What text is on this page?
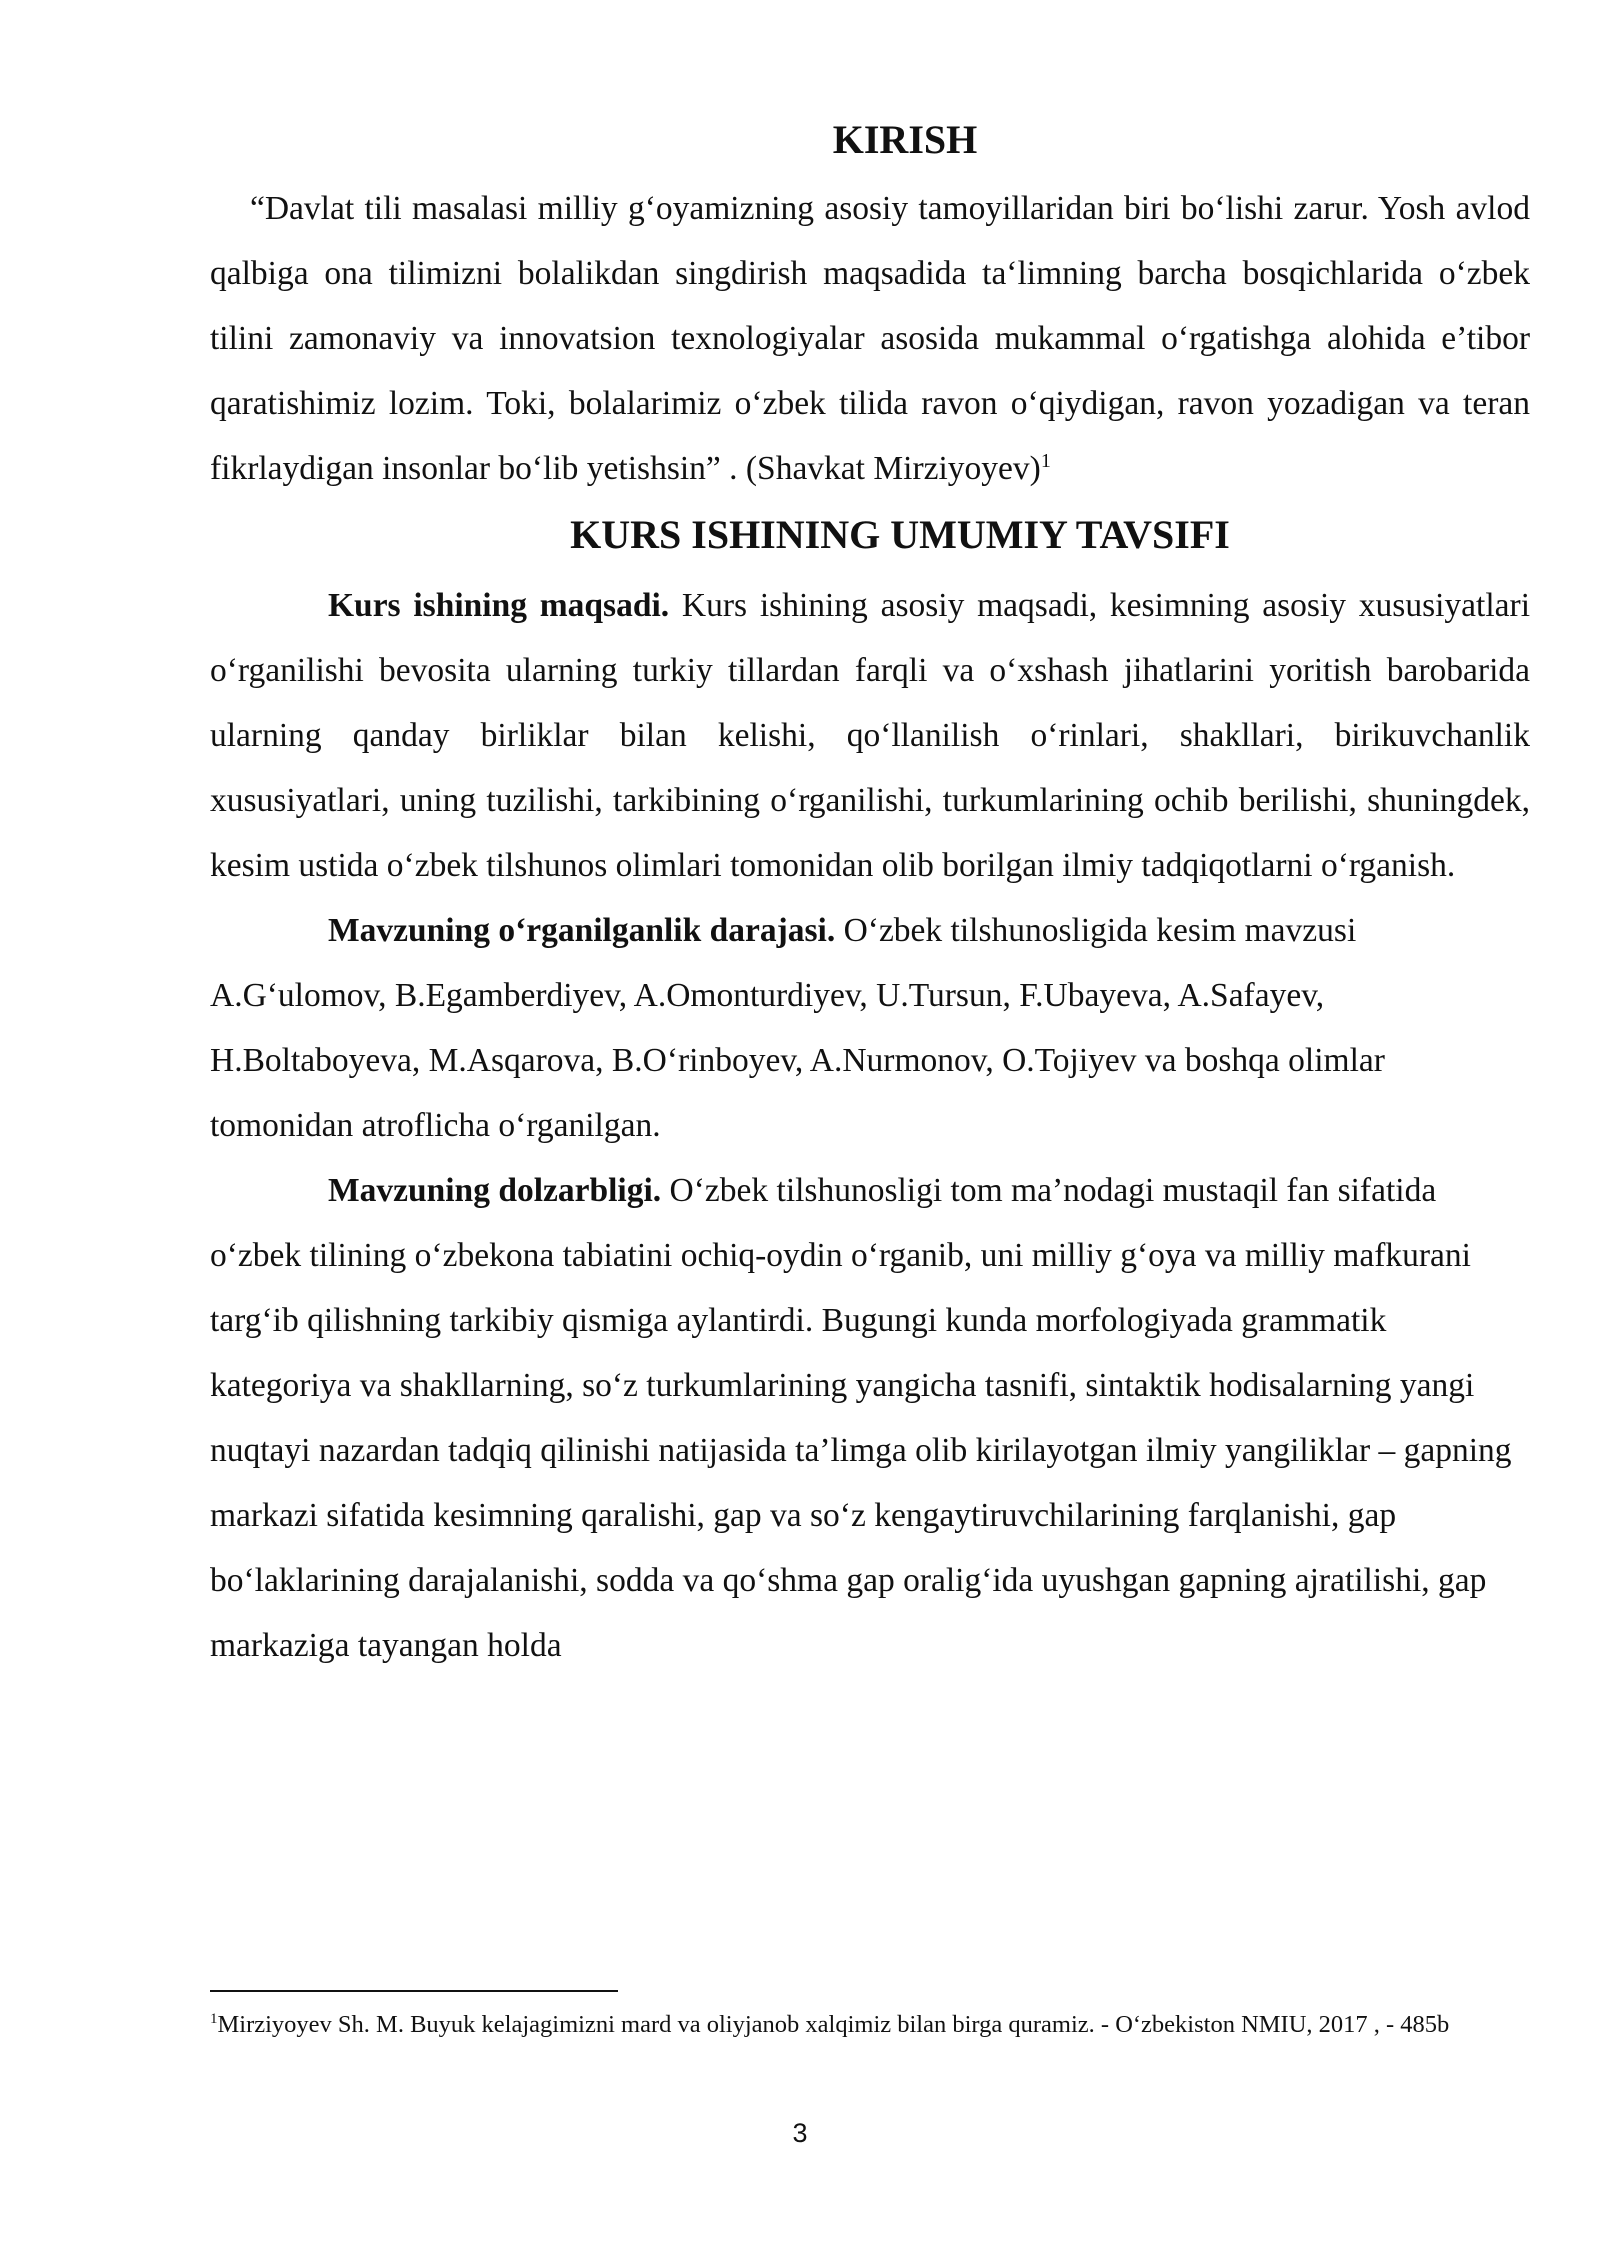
KIRISH

“Davlat tili masalasi milliy g‘oyamizning asosiy tamoyillaridan biri bo‘lishi zarur. Yosh avlod qalbiga ona tilimizni bolalikdan singdirish maqsadida ta‘limning barcha bosqichlarida o‘zbek tilini zamonaviy va innovatsion texnologiyalar asosida mukammal o‘rgatishga alohida e’tibor qaratishimiz lozim. Toki, bolalarimiz o‘zbek tilida ravon o‘qiydigan, ravon yozadigan va teran fikrlaydigan insonlar bo‘lib yetishsin” . (Shavkat Mirziyoyev)$^1$

KURS ISHINING UMUMIY TAVSIFI

Kurs ishining maqsadi. Kurs ishining asosiy maqsadi, kesimning asosiy xususiyatlari o‘rganilishi bevosita ularning turkiy tillardan farqli va o‘xshash jihatlarini yoritish barobarida ularning qanday birliklar bilan kelishi, qo‘llanilish o‘rinlari, shakllari, birikuvchanlik xususiyatlari, uning tuzilishi, tarkibining o‘rganilishi, turkumlarining ochib berilishi, shuningdek, kesim ustida o‘zbek tilshunos olimlari tomonidan olib borilgan ilmiy tadqiqotlarni o‘rganish.

Mavzuning o‘rganilganlik darajasi. O‘zbek tilshunosligida kesim mavzusi A.G‘ulomov, B.Egamberdiyev, A.Omonturdiyev, U.Tursun, F.Ubayeva, A.Safayev, H.Boltaboyeva, M.Asqarova, B.O‘rinboyev, A.Nurmonov, O.Tojiyev va boshqa olimlar tomonidan atroflicha o‘rganilgan.

Mavzuning dolzarbligi. O‘zbek tilshunosligi tom ma’nodagi mustaqil fan sifatida o‘zbek tilining o‘zbekona tabiatini ochiq-oydin o‘rganib, uni milliy g‘oya va milliy mafkurani targ‘ib qilishning tarkibiy qismiga aylantirdi. Bugungi kunda morfologiyada grammatik kategoriya va shakllarning, so‘z turkumlarining yangicha tasnifi, sintaktik hodisalarning yangi nuqtayi nazardan tadqiq qilinishi natijasida ta’limga olib kirilayotgan ilmiy yangiliklar – gapning markazi sifatida kesimning qaralishi, gap va so‘z kengaytiruvchilarining farqlanishi, gap bo‘laklarining darajalanishi, sodda va qo‘shma gap oralig‘ida uyushgan gapning ajratilishi, gap markaziga tayangan holda

$^1$Mirziyoyev Sh. M. Buyuk kelajagimizni mard va oliyjanob xalqimiz bilan birga quramiz. - O‘zbekiston NMIU, 2017 , - 485b
3
